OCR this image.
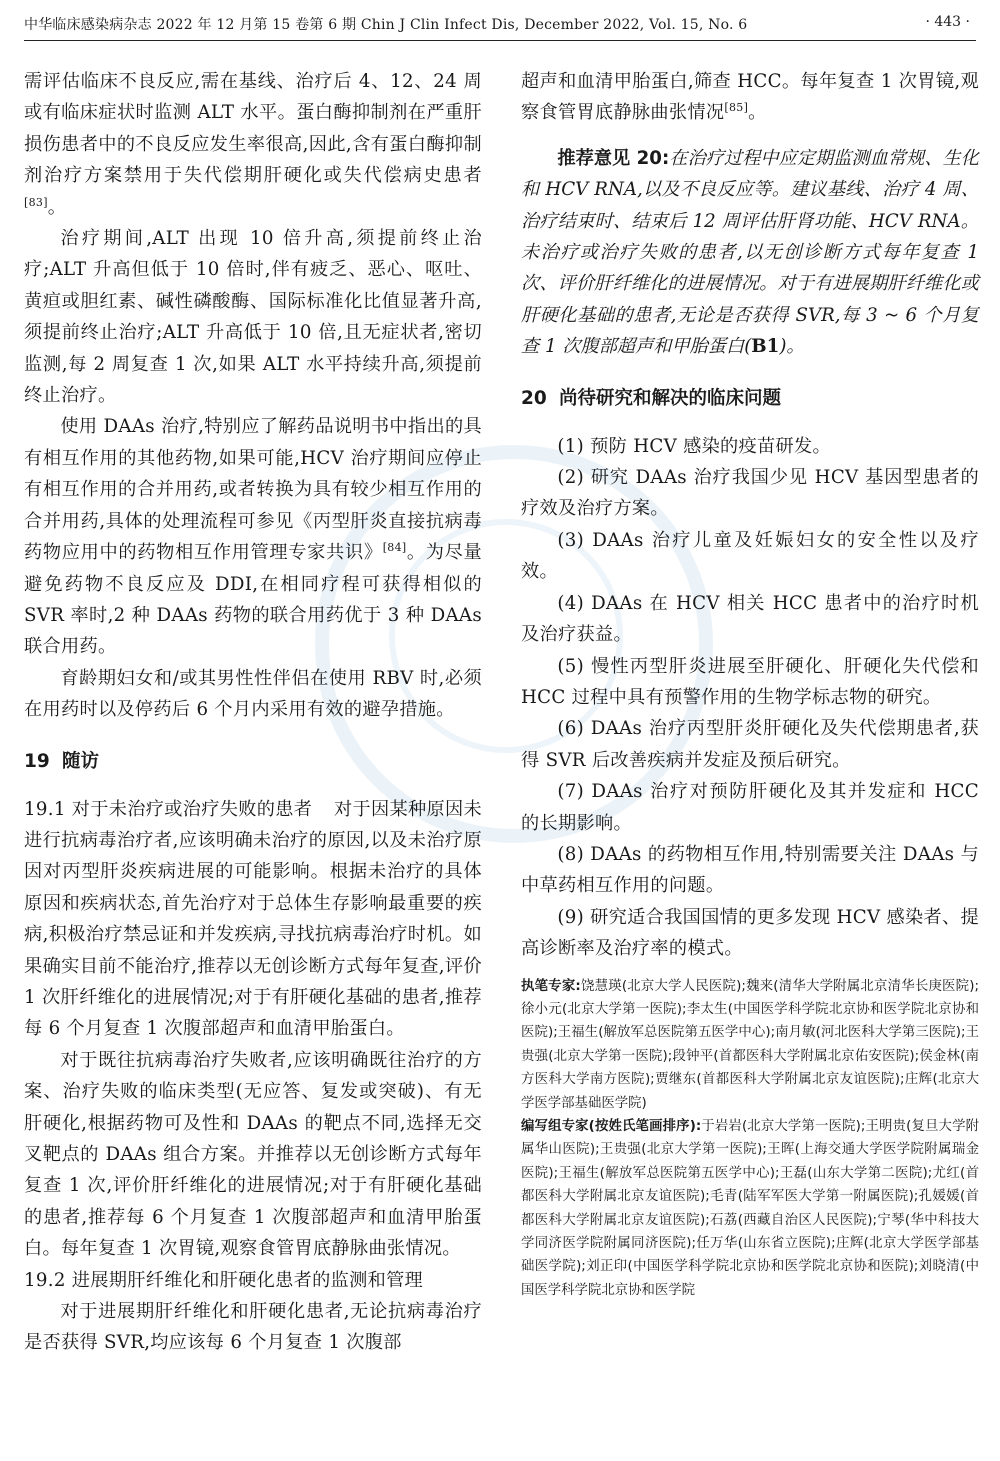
中华临床感染病杂志 2022 年 12 月第 15 卷第 6 期 Chin J Clin Infect Dis, December 2022, Vol. 15, No. 6	· 443 ·

需评估临床不良反应,需在基线、治疗后 4、12、24 周或有临床症状时监测 ALT 水平。蛋白酶抑制剂在严重肝损伤患者中的不良反应发生率很高,因此,含有蛋白酶抑制剂治疗方案禁用于失代偿期肝硬化或失代偿病史患者[83]。

治疗期间,ALT 出现 10 倍升高,须提前终止治疗;ALT 升高但低于 10 倍时,伴有疲乏、恶心、呕吐、黄疸或胆红素、碱性磷酸酶、国际标准化比值显著升高,须提前终止治疗;ALT 升高低于 10 倍,且无症状者,密切监测,每 2 周复查 1 次,如果 ALT 水平持续升高,须提前终止治疗。

使用 DAAs 治疗,特别应了解药品说明书中指出的具有相互作用的其他药物,如果可能,HCV 治疗期间应停止有相互作用的合并用药,或者转换为具有较少相互作用的合并用药,具体的处理流程可参见《丙型肝炎直接抗病毒药物应用中的药物相互作用管理专家共识》[84]。为尽量避免药物不良反应及 DDI,在相同疗程可获得相似的 SVR 率时,2 种 DAAs 药物的联合用药优于 3 种 DAAs 联合用药。

育龄期妇女和/或其男性性伴侣在使用 RBV 时,必须在用药时以及停药后 6 个月内采用有效的避孕措施。

19 随访

19.1 对于未治疗或治疗失败的患者 对于因某种原因未进行抗病毒治疗者,应该明确未治疗的原因,以及未治疗原因对丙型肝炎疾病进展的可能影响。根据未治疗的具体原因和疾病状态,首先治疗对于总体生存影响最重要的疾病,积极治疗禁忌证和并发疾病,寻找抗病毒治疗时机。如果确实目前不能治疗,推荐以无创诊断方式每年复查,评价 1 次肝纤维化的进展情况;对于有肝硬化基础的患者,推荐每 6 个月复查 1 次腹部超声和血清甲胎蛋白。

对于既往抗病毒治疗失败者,应该明确既往治疗的方案、治疗失败的临床类型(无应答、复发或突破)、有无肝硬化,根据药物可及性和 DAAs 的靶点不同,选择无交叉靶点的 DAAs 组合方案。并推荐以无创诊断方式每年复查 1 次,评价肝纤维化的进展情况;对于有肝硬化基础的患者,推荐每 6 个月复查 1 次腹部超声和血清甲胎蛋白。每年复查 1 次胃镜,观察食管胃底静脉曲张情况。

19.2 进展期肝纤维化和肝硬化患者的监测和管理

对于进展期肝纤维化和肝硬化患者,无论抗病毒治疗是否获得 SVR,均应该每 6 个月复查 1 次腹部

超声和血清甲胎蛋白,筛查 HCC。每年复查 1 次胃镜,观察食管胃底静脉曲张情况[85]。

推荐意见 20:在治疗过程中应定期监测血常规、生化和 HCV RNA,以及不良反应等。建议基线、治疗 4 周、治疗结束时、结束后 12 周评估肝肾功能、HCV RNA。未治疗或治疗失败的患者,以无创诊断方式每年复查 1 次、评价肝纤维化的进展情况。对于有进展期肝纤维化或肝硬化基础的患者,无论是否获得 SVR,每 3 ~ 6 个月复查 1 次腹部超声和甲胎蛋白(B1)。
20 尚待研究和解决的临床问题

(1) 预防 HCV 感染的疫苗研发。

(2) 研究 DAAs 治疗我国少见 HCV 基因型患者的疗效及治疗方案。

(3) DAAs 治疗儿童及妊娠妇女的安全性以及疗效。

(4) DAAs 在 HCV 相关 HCC 患者中的治疗时机及治疗获益。

(5) 慢性丙型肝炎进展至肝硬化、肝硬化失代偿和 HCC 过程中具有预警作用的生物学标志物的研究。

(6) DAAs 治疗丙型肝炎肝硬化及失代偿期患者,获得 SVR 后改善疾病并发症及预后研究。

(7) DAAs 治疗对预防肝硬化及其并发症和 HCC 的长期影响。

(8) DAAs 的药物相互作用,特别需要关注 DAAs 与中草药相互作用的问题。

(9) 研究适合我国国情的更多发现 HCV 感染者、提高诊断率及治疗率的模式。

执笔专家:饶慧瑛(北京大学人民医院);魏来(清华大学附属北京清华长庚医院);徐小元(北京大学第一医院);李太生(中国医学科学院北京协和医学院北京协和医院);王福生(解放军总医院第五医学中心);南月敏(河北医科大学第三医院);王贵强(北京大学第一医院);段钟平(首都医科大学附属北京佑安医院);侯金林(南方医科大学南方医院);贾继东(首都医科大学附属北京友谊医院);庄辉(北京大学医学部基础医学院)
编写组专家(按姓氏笔画排序):于岩岩(北京大学第一医院);王明贵(复旦大学附属华山医院);王贵强(北京大学第一医院);王晖(上海交通大学医学院附属瑞金医院);王福生(解放军总医院第五医学中心);王磊(山东大学第二医院);尤红(首都医科大学附属北京友谊医院);毛青(陆军军医大学第一附属医院);孔媛媛(首都医科大学附属北京友谊医院);石荔(西藏自治区人民医院);宁琴(华中科技大学同济医学院附属同济医院);任万华(山东省立医院);庄辉(北京大学医学部基础医学院);刘正印(中国医学科学院北京协和医学院北京协和医院);刘晓清(中国医学科学院北京协和医学院
